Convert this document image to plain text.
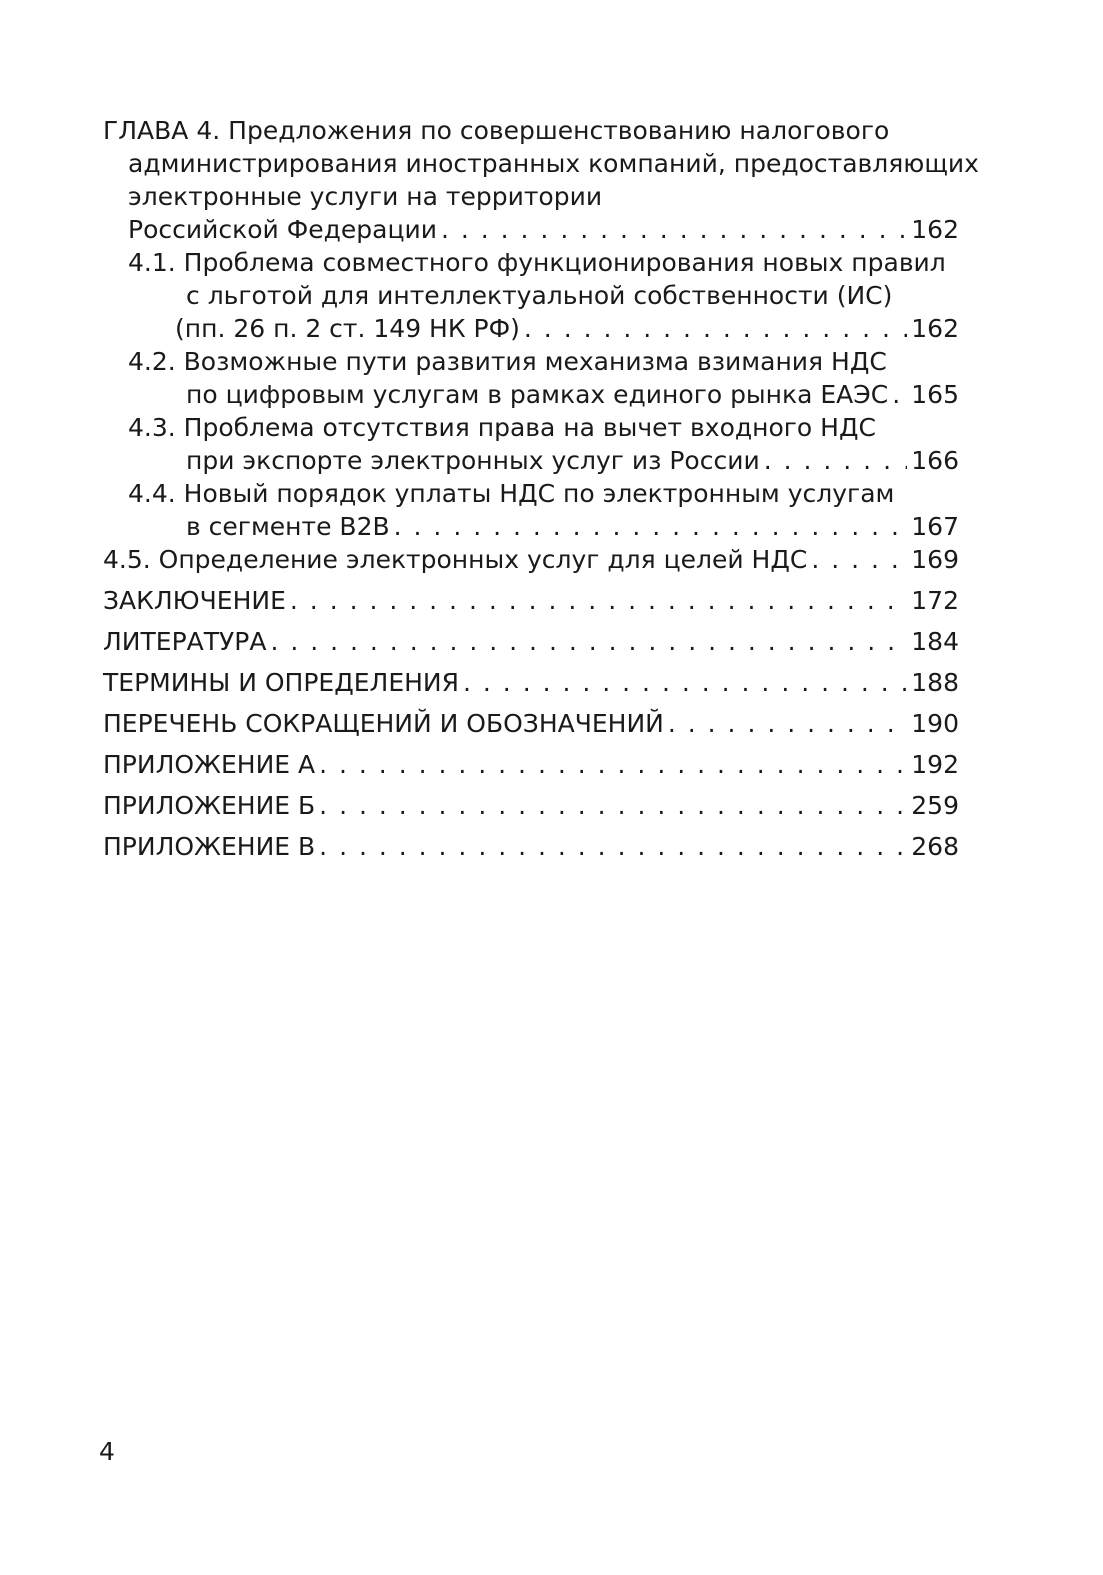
ГЛАВА 4. Предложения по совершенствованию налогового
администрирования иностранных компаний, предоставляющих
электронные услуги на территории
Российской Федерации . . .	162
4.1. Проблема совместного функционирования новых правил
с льготой для интеллектуальной собственности (ИС)
(пп. 26 п. 2 ст. 149 НК РФ) . . .	162
4.2. Возможные пути развития механизма взимания НДС
по цифровым услугам в рамках единого рынка ЕАЭС . . . 165
4.3. Проблема отсутствия права на вычет входного НДС
при экспорте электронных услуг из России . . .	166
4.4. Новый порядок уплаты НДС по электронным услугам
в сегменте B2B . . .	167
4.5. Определение электронных услуг для целей НДС . . .	169
ЗАКЛЮЧЕНИЕ . . .	172
ЛИТЕРАТУРА . . .	184
ТЕРМИНЫ И ОПРЕДЕЛЕНИЯ . . .	188
ПЕРЕЧЕНЬ СОКРАЩЕНИЙ И ОБОЗНАЧЕНИЙ . . .	190
ПРИЛОЖЕНИЕ А . . .	192
ПРИЛОЖЕНИЕ Б . . .	259
ПРИЛОЖЕНИЕ В . . .	268
4
